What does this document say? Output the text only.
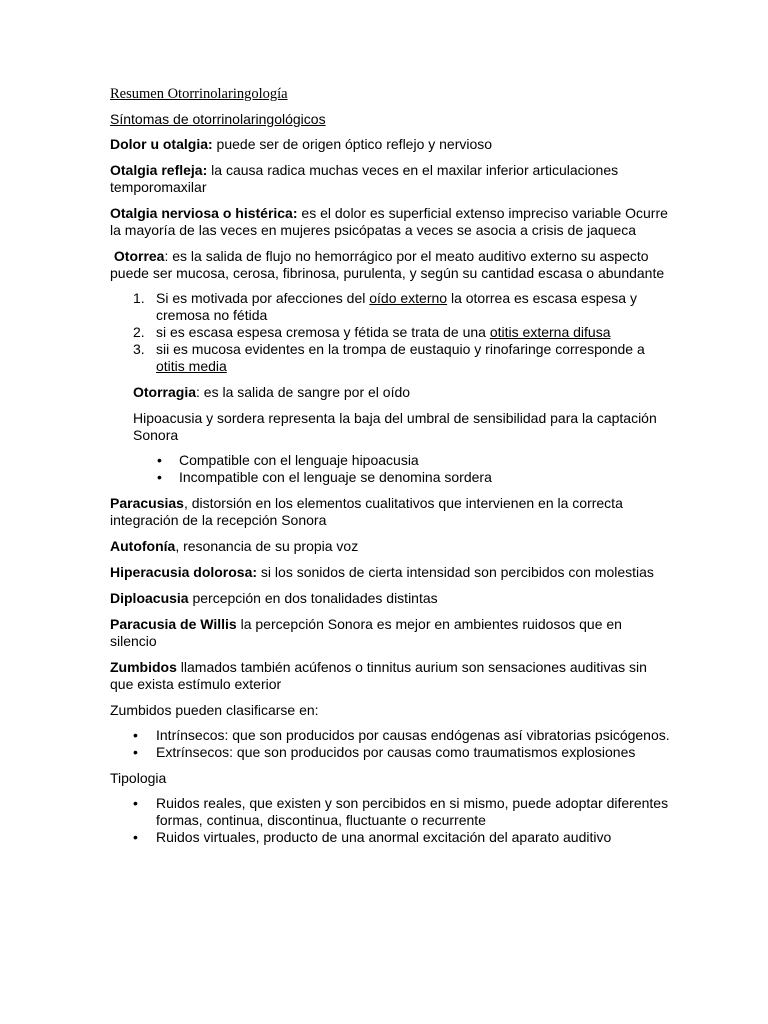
Resumen Otorrinolaringología

Síntomas de otorrinolaringológicos

Dolor u otalgia: puede ser de origen óptico reflejo y nervioso

Otalgia refleja: la causa radica muchas veces en el maxilar inferior articulaciones temporomaxilar

Otalgia nerviosa o histérica: es el dolor es superficial extenso impreciso variable Ocurre la mayoría de las veces en mujeres psicópatas a veces se asocia a crisis de jaqueca

Otorrea: es la salida de flujo no hemorrágico por el meato auditivo externo su aspecto puede ser mucosa, cerosa, fibrinosa, purulenta, y según su cantidad escasa o abundante

1. Si es motivada por afecciones del oído externo la otorrea es escasa espesa y cremosa no fétida
2. si es escasa espesa cremosa y fétida se trata de una otitis externa difusa
3. sii es mucosa evidentes en la trompa de eustaquio y rinofaringe corresponde a otitis media

Otorragia: es la salida de sangre por el oído

Hipoacusia y sordera representa la baja del umbral de sensibilidad para la captación Sonora

• Compatible con el lenguaje hipoacusia
• Incompatible con el lenguaje se denomina sordera

Paracusias, distorsión en los elementos cualitativos que intervienen en la correcta integración de la recepción Sonora

Autofonía, resonancia de su propia voz

Hiperacusia dolorosa: si los sonidos de cierta intensidad son percibidos con molestias

Diploacusia percepción en dos tonalidades distintas

Paracusia de Willis la percepción Sonora es mejor en ambientes ruidosos que en silencio

Zumbidos llamados también acúfenos o tinnitus aurium son sensaciones auditivas sin que exista estímulo exterior

Zumbidos pueden clasificarse en:

• Intrínsecos: que son producidos por causas endógenas así vibratorias psicógenos.
• Extrínsecos: que son producidos por causas como traumatismos explosiones

Tipologia

• Ruidos reales, que existen y son percibidos en si mismo, puede adoptar diferentes formas, continua, discontinua, fluctuante o recurrente
• Ruidos virtuales, producto de una anormal excitación del aparato auditivo
